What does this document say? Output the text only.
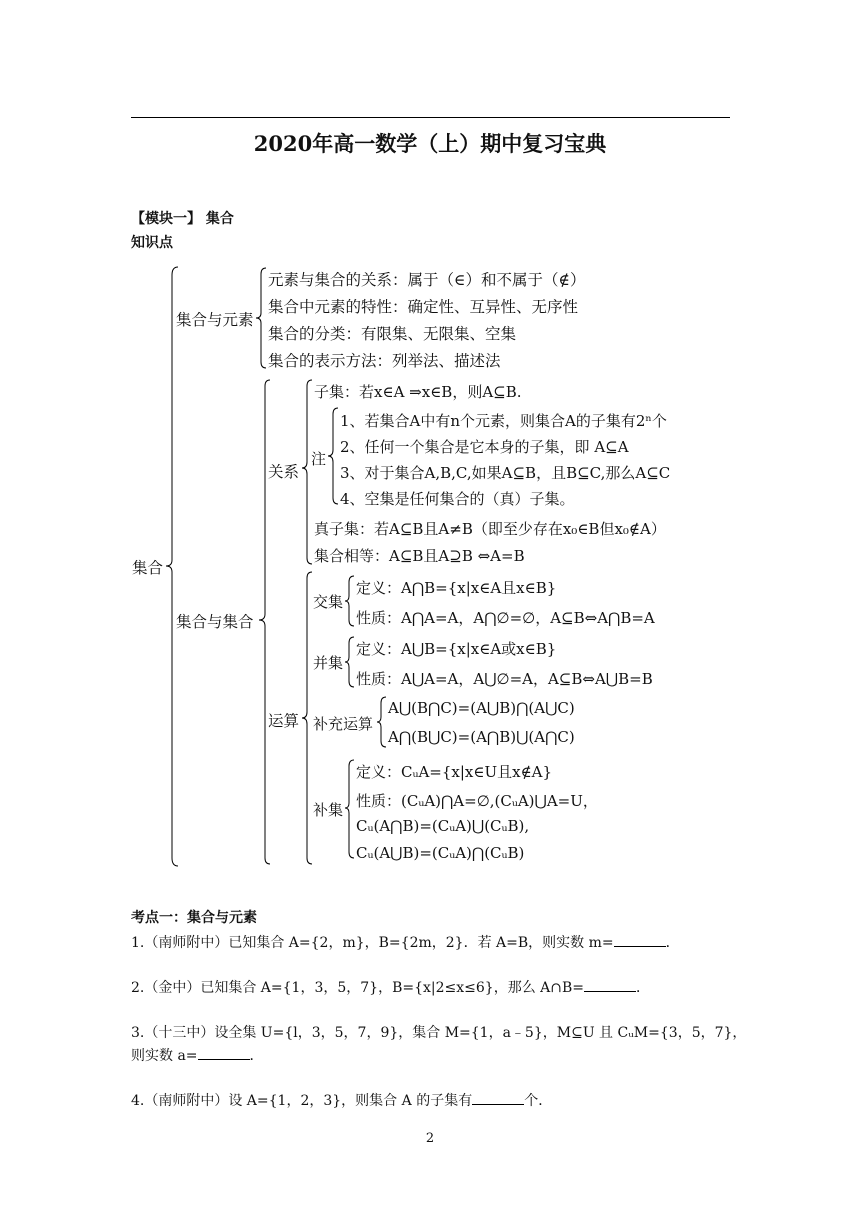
2020年高一数学（上）期中复习宝典
【模块一】 集合
知识点
集合
集合与元素
元素与集合的关系：属于（∈）和不属于（∉）
集合中元素的特性：确定性、互异性、无序性
集合的分类：有限集、无限集、空集
集合的表示方法：列举法、描述法
集合与集合
关系
子集：若x∈A ⇒x∈B，则A⊆B.
注
1、若集合A中有n个元素，则集合A的子集有2ⁿ个
2、任何一个集合是它本身的子集，即 A⊆A
3、对于集合A,B,C,如果A⊆B，且B⊆C,那么A⊆C
4、空集是任何集合的（真）子集。
真子集：若A⊆B且A≠B（即至少存在x₀∈B但x₀∉A）
集合相等：A⊆B且A⊇B ⇔A=B
运算
交集
定义：A⋂B={x|x∈A且x∈B}
性质：A⋂A=A，A⋂∅=∅，A⊆B⇔A⋂B=A
并集
定义：A⋃B={x|x∈A或x∈B}
性质：A⋃A=A，A⋃∅=A，A⊆B⇔A⋃B=B
补充运算
A⋃(B⋂C)=(A⋃B)⋂(A⋃C)
A⋂(B⋃C)=(A⋂B)⋃(A⋂C)
补集
定义：CᵤA={x|x∈U且x∉A}
性质：(CᵤA)⋂A=∅,(CᵤA)⋃A=U，
Cᵤ(A⋂B)=(CᵤA)⋃(CᵤB),
Cᵤ(A⋃B)=(CᵤA)⋂(CᵤB)
考点一：集合与元素
1.（南师附中）已知集合 A={2，m}，B={2m，2}．若 A=B，则实数 m=	．
2.（金中）已知集合 A={1，3，5，7}，B={x|2≤x≤6}，那么 A∩B=	．
3.（十三中）设全集 U={l，3，5，7，9}，集合 M={1，a﹣5}，M⊆U 且 CᵤM={3，5，7}，
则实数 a=	．
4.（南师附中）设 A={1，2，3}，则集合 A 的子集有	个．
2
